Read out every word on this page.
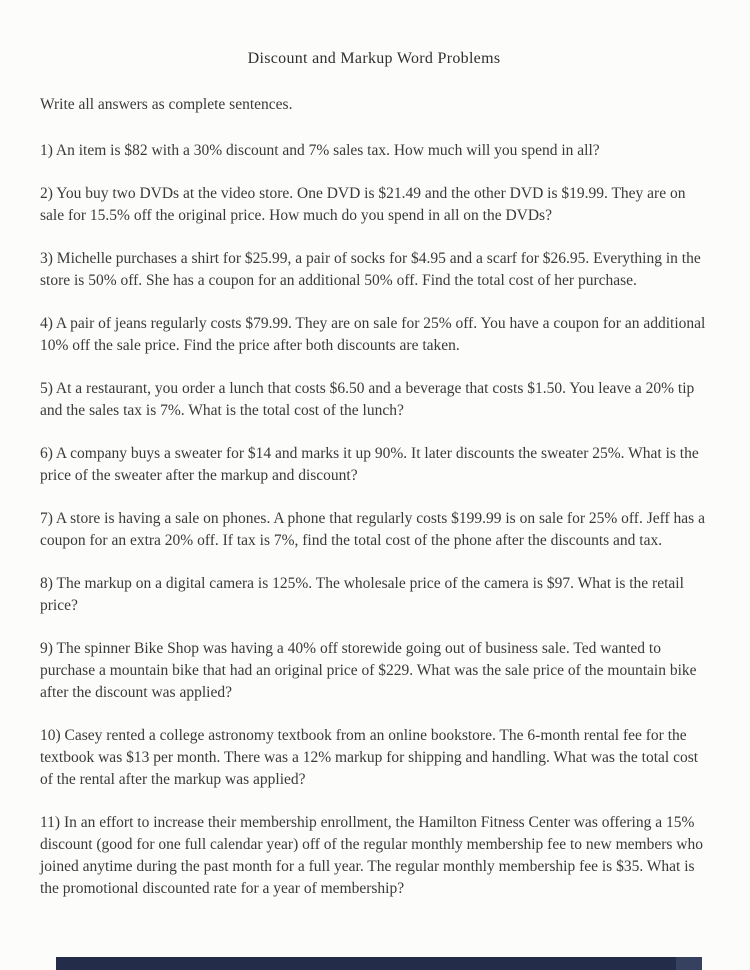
Discount and Markup Word Problems

Write all answers as complete sentences.

1) An item is $82 with a 30% discount and 7% sales tax. How much will you spend in all?

2) You buy two DVDs at the video store. One DVD is $21.49 and the other DVD is $19.99. They are on sale for 15.5% off the original price. How much do you spend in all on the DVDs?

3) Michelle purchases a shirt for $25.99, a pair of socks for $4.95 and a scarf for $26.95. Everything in the store is 50% off. She has a coupon for an additional 50% off. Find the total cost of her purchase.

4) A pair of jeans regularly costs $79.99. They are on sale for 25% off. You have a coupon for an additional 10% off the sale price. Find the price after both discounts are taken.

5) At a restaurant, you order a lunch that costs $6.50 and a beverage that costs $1.50. You leave a 20% tip and the sales tax is 7%. What is the total cost of the lunch?

6) A company buys a sweater for $14 and marks it up 90%. It later discounts the sweater 25%. What is the price of the sweater after the markup and discount?

7) A store is having a sale on phones. A phone that regularly costs $199.99 is on sale for 25% off. Jeff has a coupon for an extra 20% off. If tax is 7%, find the total cost of the phone after the discounts and tax.

8) The markup on a digital camera is 125%. The wholesale price of the camera is $97. What is the retail price?

9) The spinner Bike Shop was having a 40% off storewide going out of business sale. Ted wanted to purchase a mountain bike that had an original price of $229. What was the sale price of the mountain bike after the discount was applied?

10) Casey rented a college astronomy textbook from an online bookstore. The 6-month rental fee for the textbook was $13 per month. There was a 12% markup for shipping and handling. What was the total cost of the rental after the markup was applied?

11) In an effort to increase their membership enrollment, the Hamilton Fitness Center was offering a 15% discount (good for one full calendar year) off of the regular monthly membership fee to new members who joined anytime during the past month for a full year. The regular monthly membership fee is $35. What is the promotional discounted rate for a year of membership?
